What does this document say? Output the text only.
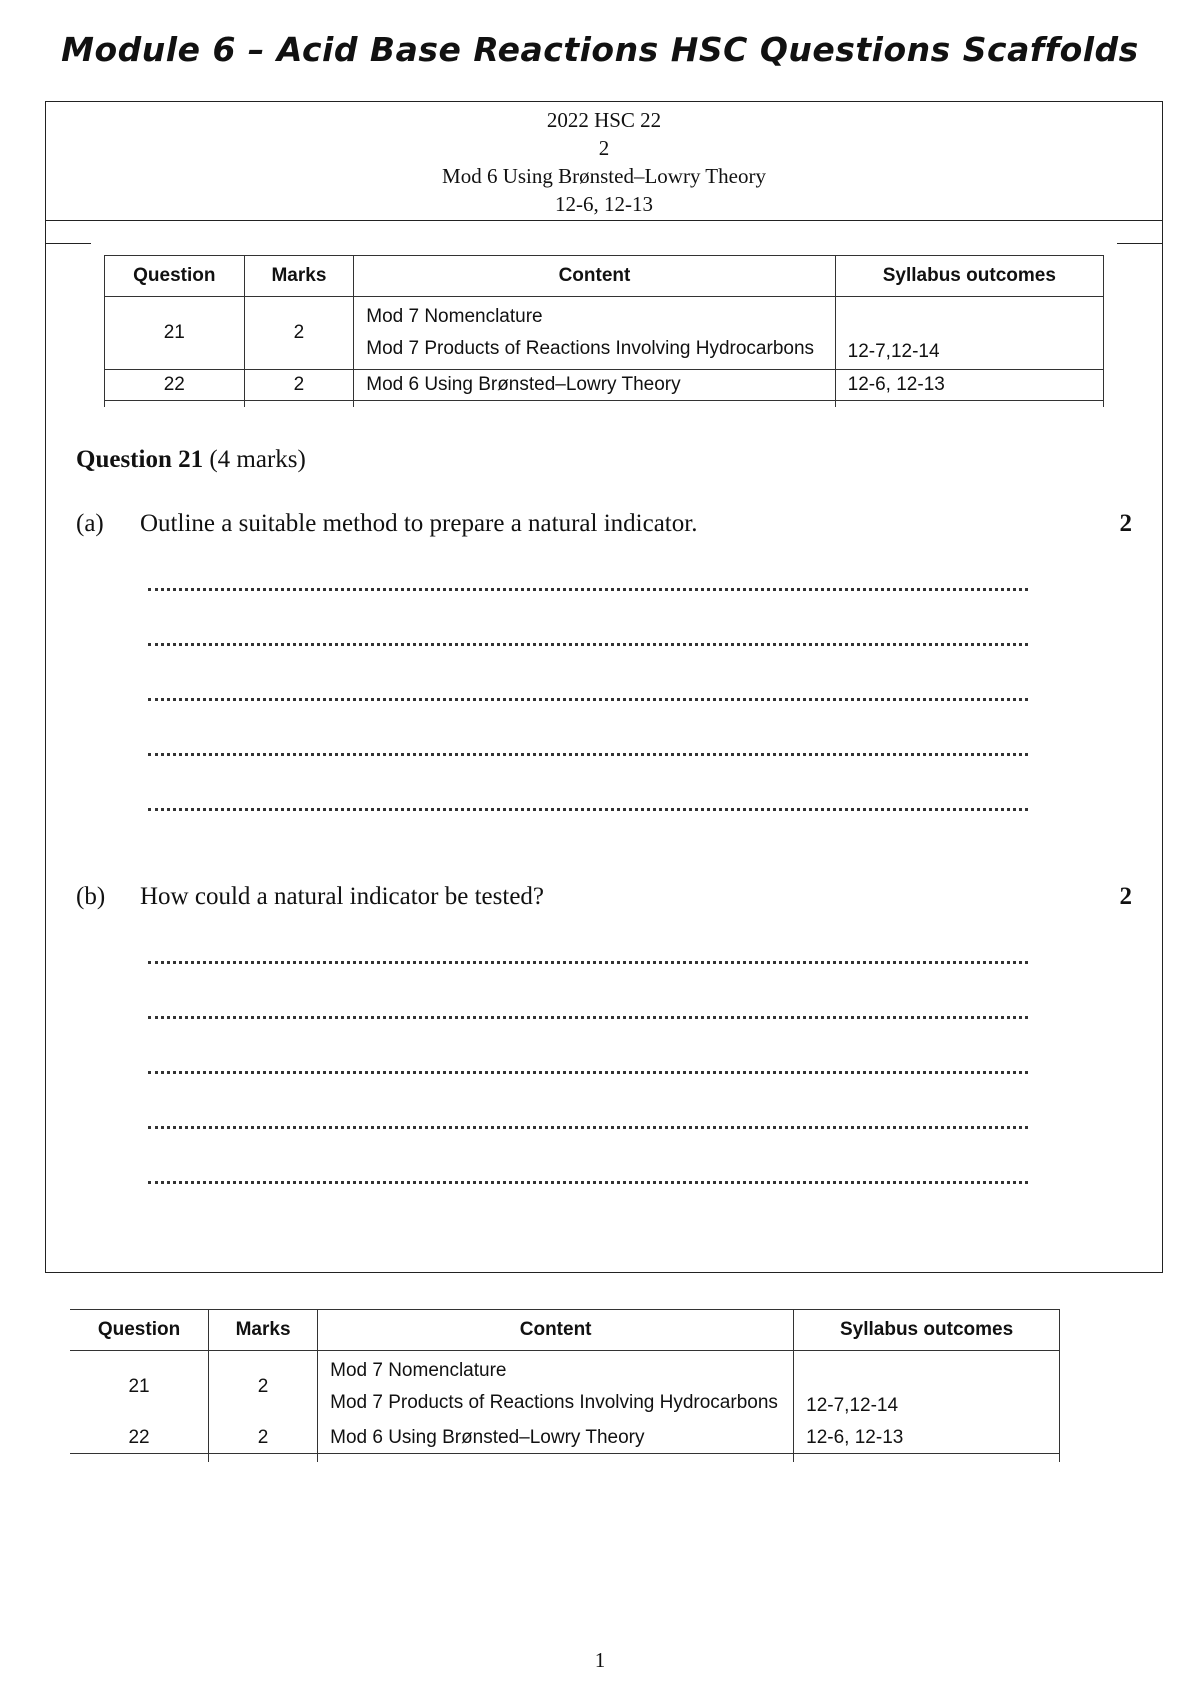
Module 6 – Acid Base Reactions HSC Questions Scaffolds
2022 HSC 22
2
Mod 6 Using Brønsted–Lowry Theory
12-6, 12-13
Question	Marks	Content	Syllabus outcomes
21	2	Mod 7 Nomenclature
Mod 7 Products of Reactions Involving Hydrocarbons	12-7,12-14
22	2	Mod 6 Using Brønsted–Lowry Theory	12-6, 12-13

Question 21 (4 marks)
(a) Outline a suitable method to prepare a natural indicator.	2
(b) How could a natural indicator be tested?	2
Question	Marks	Content	Syllabus outcomes
21	2	Mod 7 Nomenclature
Mod 7 Products of Reactions Involving Hydrocarbons	12-7,12-14
22	2	Mod 6 Using Brønsted–Lowry Theory	12-6, 12-13

1
